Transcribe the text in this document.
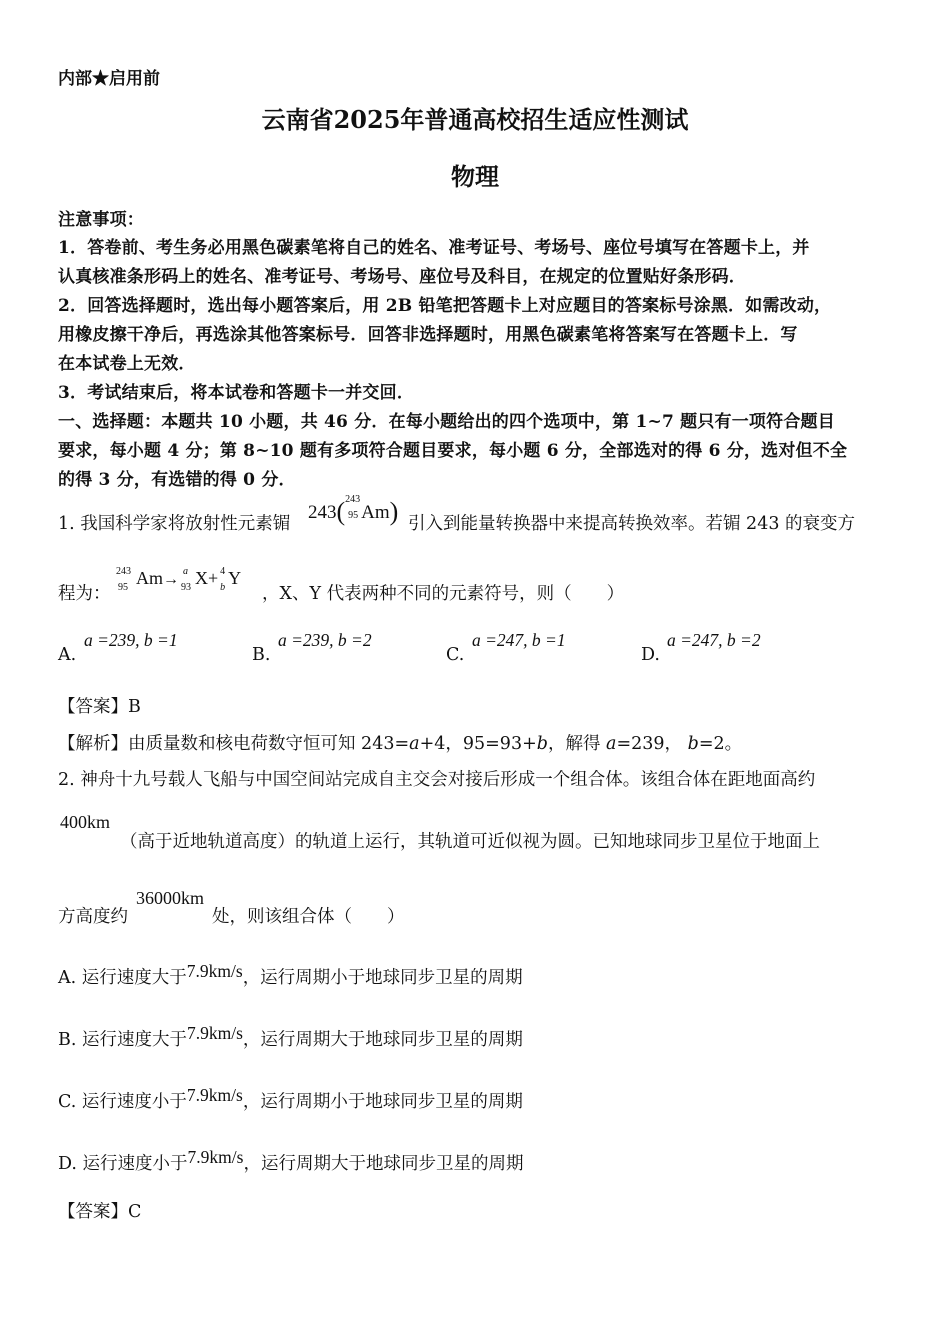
内部★启用前
云南省2025年普通高校招生适应性测试
物理
注意事项：
1．答卷前、考生务必用黑色碳素笔将自己的姓名、准考证号、考场号、座位号填写在答题卡上，并
认真核准条形码上的姓名、准考证号、考场号、座位号及科目，在规定的位置贴好条形码．
2．回答选择题时，选出每小题答案后，用 2B 铅笔把答题卡上对应题目的答案标号涂黑．如需改动，
用橡皮擦干净后，再选涂其他答案标号．回答非选择题时，用黑色碳素笔将答案写在答题卡上．写
在本试卷上无效．
3．考试结束后，将本试卷和答题卡一并交回．
一、选择题：本题共 10 小题，共 46 分．在每小题给出的四个选项中，第 1~7 题只有一项符合题目
要求，每小题 4 分；第 8~10 题有多项符合题目要求，每小题 6 分，全部选对的得 6 分，选对但不全
的得 3 分，有选错的得 0 分．
1. 我国科学家将放射性元素镅
243( 243
95 Am) 引入到能量转换器中来提高转换效率。若镅 243 的衰变方
程为：
243
95 Am→ a
93 X+ 4
b Y
，X、Y 代表两种不同的元素符号，则（　　）
A.
a =239, b =1
B.
a =239, b =2
C.
a =247, b =1
D.
a =247, b =2
【答案】B
【解析】由质量数和核电荷数守恒可知 243=a+4，95=93+b，解得 a=239， b=2。
2. 神舟十九号载人飞船与中国空间站完成自主交会对接后形成一个组合体。该组合体在距地面高约
400km
（高于近地轨道高度）的轨道上运行，其轨道可近似视为圆。已知地球同步卫星位于地面上
方高度约
36000km
处，则该组合体（　　）
A. 运行速度大于7.9km/s，运行周期小于地球同步卫星的周期
B. 运行速度大于7.9km/s，运行周期大于地球同步卫星的周期
C. 运行速度小于7.9km/s，运行周期小于地球同步卫星的周期
D. 运行速度小于7.9km/s，运行周期大于地球同步卫星的周期
【答案】C
